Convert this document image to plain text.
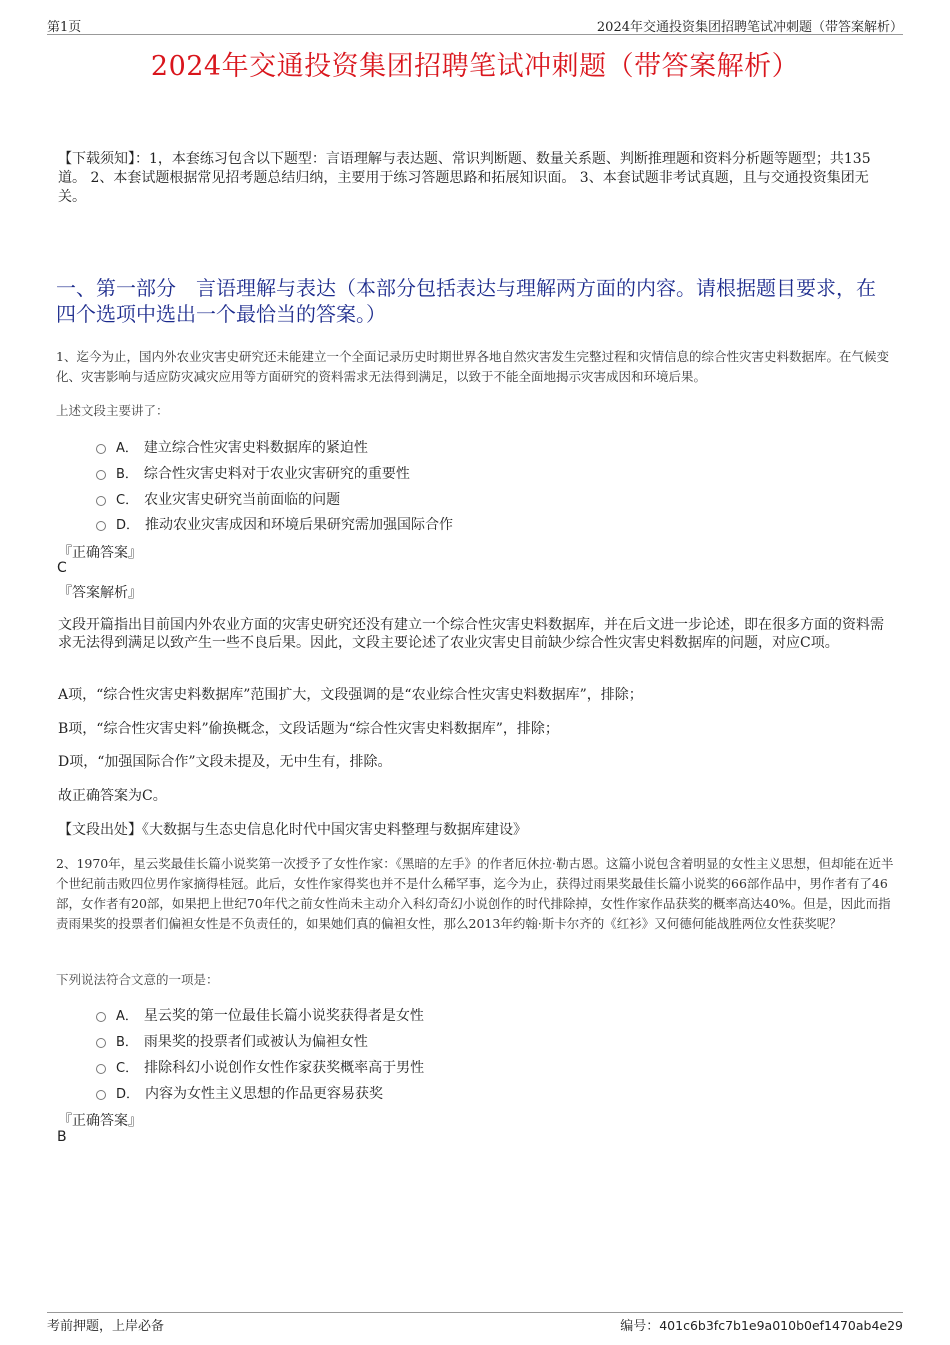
第1页	2024年交通投资集团招聘笔试冲刺题（带答案解析）
2024年交通投资集团招聘笔试冲刺题（带答案解析）
【下载须知】：1，本套练习包含以下题型：言语理解与表达题、常识判断题、数量关系题、判断推理题和资料分析题等题型；共135道。 2、本套试题根据常见招考题总结归纳，主要用于练习答题思路和拓展知识面。 3、本套试题非考试真题，且与交通投资集团无关。
一、第一部分　言语理解与表达（本部分包括表达与理解两方面的内容。请根据题目要求，在四个选项中选出一个最恰当的答案。）
1、迄今为止，国内外农业灾害史研究还未能建立一个全面记录历史时期世界各地自然灾害发生完整过程和灾情信息的综合性灾害史料数据库。在气候变化、灾害影响与适应防灾减灾应用等方面研究的资料需求无法得到满足，以致于不能全面地揭示灾害成因和环境后果。
上述文段主要讲了：
A． 建立综合性灾害史料数据库的紧迫性
B． 综合性灾害史料对于农业灾害研究的重要性
C． 农业灾害史研究当前面临的问题
D． 推动农业灾害成因和环境后果研究需加强国际合作
『正确答案』
C
『答案解析』
文段开篇指出目前国内外农业方面的灾害史研究还没有建立一个综合性灾害史料数据库，并在后文进一步论述，即在很多方面的资料需求无法得到满足以致产生一些不良后果。因此，文段主要论述了农业灾害史目前缺少综合性灾害史料数据库的问题，对应C项。
A项，“综合性灾害史料数据库”范围扩大，文段强调的是“农业综合性灾害史料数据库”，排除；
B项，“综合性灾害史料”偷换概念，文段话题为“综合性灾害史料数据库”，排除；
D项，“加强国际合作”文段未提及，无中生有，排除。
故正确答案为C。
【文段出处】《大数据与生态史信息化时代中国灾害史料整理与数据库建设》
2、1970年，星云奖最佳长篇小说奖第一次授予了女性作家：《黑暗的左手》的作者厄休拉·勒古恩。这篇小说包含着明显的女性主义思想，但却能在近半个世纪前击败四位男作家摘得桂冠。此后，女性作家得奖也并不是什么稀罕事，迄今为止，获得过雨果奖最佳长篇小说奖的66部作品中，男作者有了46部，女作者有20部，如果把上世纪70年代之前女性尚未主动介入科幻奇幻小说创作的时代排除掉，女性作家作品获奖的概率高达40%。但是，因此而指责雨果奖的投票者们偏袒女性是不负责任的，如果她们真的偏袒女性，那么2013年约翰·斯卡尔齐的《红衫》又何德何能战胜两位女性获奖呢？
下列说法符合文意的一项是：
A． 星云奖的第一位最佳长篇小说奖获得者是女性
B． 雨果奖的投票者们或被认为偏袒女性
C． 排除科幻小说创作女性作家获奖概率高于男性
D． 内容为女性主义思想的作品更容易获奖
『正确答案』
B
考前押题，上岸必备	编号：401c6b3fc7b1e9a010b0ef1470ab4e29
